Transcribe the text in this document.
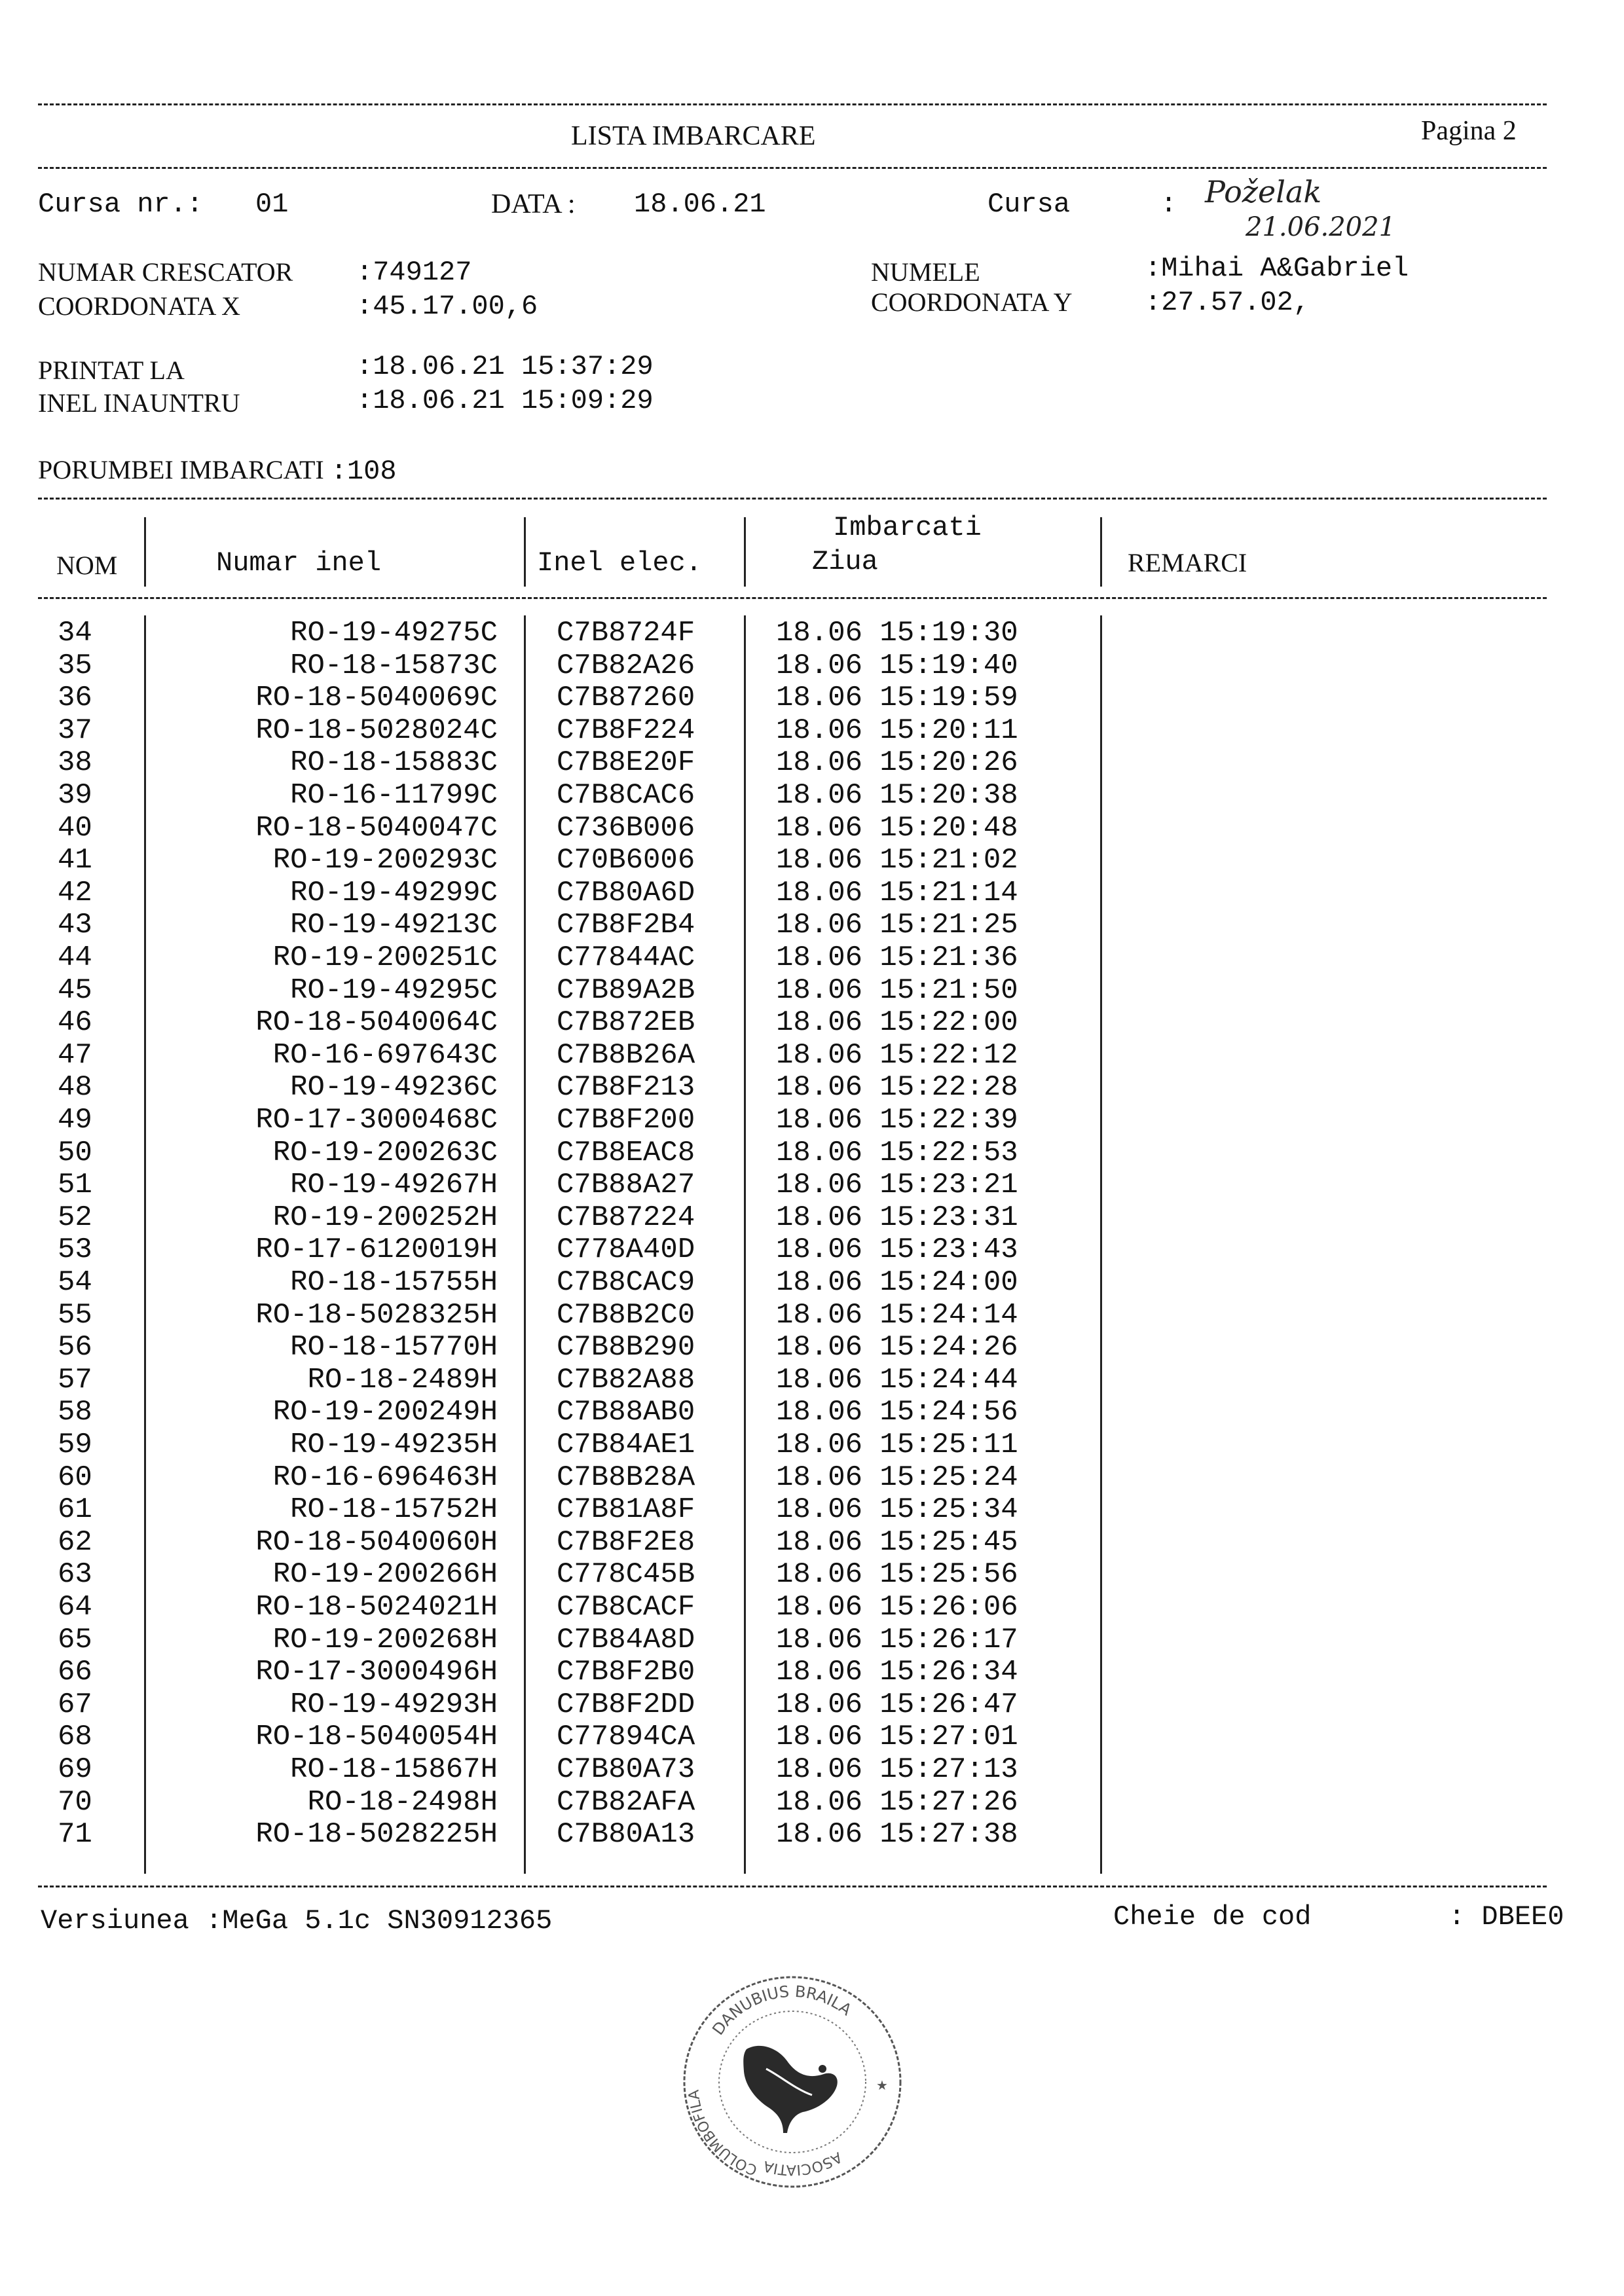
LISTA IMBARCARE	Pagina 2
Cursa nr.: 01	DATA : 18.06.21	Cursa	: Poželak
21.06.2021
NUMAR CRESCATOR :749127	NUMELE	:Mihai A&Gabriel
COORDONATA X	:45.17.00,6	COORDONATA Y	:27.57.02,
PRINTAT LA	:18.06.21 15:37:29
INEL INAUNTRU	:18.06.21 15:09:29
PORUMBEI IMBARCATI :108
NOM	Numar inel	Inel elec.
Imbarcati
Ziua	REMARCI
34	RO-19-49275C C7B8724F	18.06 15:19:30
35	RO-18-15873C C7B82A26	18.06 15:19:40
36	RO-18-5040069C C7B87260	18.06 15:19:59
37	RO-18-5028024C C7B8F224	18.06 15:20:11
38	RO-18-15883C C7B8E20F	18.06 15:20:26
39	RO-16-11799C C7B8CAC6	18.06 15:20:38
40	RO-18-5040047C C736B006	18.06 15:20:48
41	RO-19-200293C C70B6006	18.06 15:21:02
42	RO-19-49299C C7B80A6D	18.06 15:21:14
43	RO-19-49213C C7B8F2B4	18.06 15:21:25
44	RO-19-200251C C77844AC	18.06 15:21:36
45	RO-19-49295C C7B89A2B	18.06 15:21:50
46	RO-18-5040064C C7B872EB	18.06 15:22:00
47	RO-16-697643C C7B8B26A	18.06 15:22:12
48	RO-19-49236C C7B8F213	18.06 15:22:28
49	RO-17-3000468C C7B8F200	18.06 15:22:39
50	RO-19-200263C C7B8EAC8	18.06 15:22:53
51	RO-19-49267H C7B88A27	18.06 15:23:21
52	RO-19-200252H C7B87224	18.06 15:23:31
53	RO-17-6120019H C778A40D	18.06 15:23:43
54	RO-18-15755H C7B8CAC9	18.06 15:24:00
55	RO-18-5028325H C7B8B2C0	18.06 15:24:14
56	RO-18-15770H C7B8B290	18.06 15:24:26
57	RO-18-2489H C7B82A88	18.06 15:24:44
58	RO-19-200249H C7B88AB0	18.06 15:24:56
59	RO-19-49235H C7B84AE1	18.06 15:25:11
60	RO-16-696463H C7B8B28A	18.06 15:25:24
61	RO-18-15752H C7B81A8F	18.06 15:25:34
62	RO-18-5040060H C7B8F2E8	18.06 15:25:45
63	RO-19-200266H C778C45B	18.06 15:25:56
64	RO-18-5024021H C7B8CACF	18.06 15:26:06
65	RO-19-200268H C7B84A8D	18.06 15:26:17
66	RO-17-3000496H C7B8F2B0	18.06 15:26:34
67	RO-19-49293H C7B8F2DD	18.06 15:26:47
68	RO-18-5040054H C77894CA	18.06 15:27:01
69	RO-18-15867H C7B80A73	18.06 15:27:13
70	RO-18-2498H C7B82AFA	18.06 15:27:26
71	RO-18-5028225H C7B80A13	18.06 15:27:38
Versiunea :MeGa 5.1c SN30912365	Cheie de cod	: DBEE0
DANUBIUS BRAILA
COLUMBOFILA
ASOCIATIA
★
